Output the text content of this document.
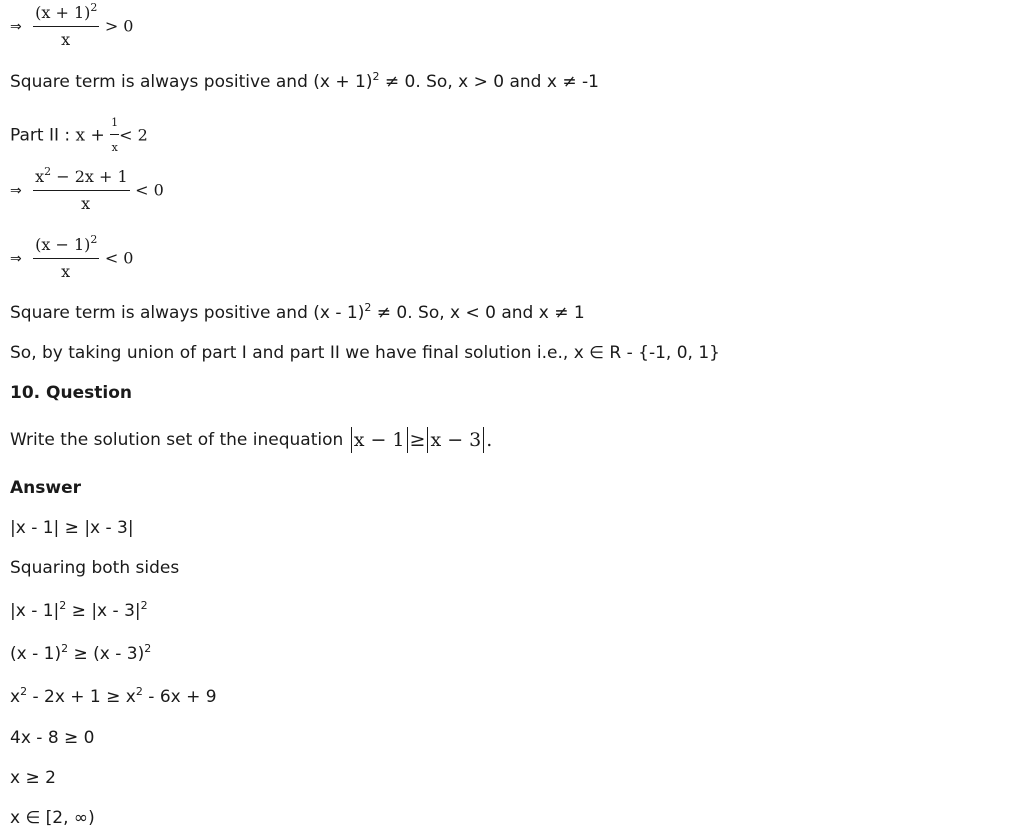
⇒ $\frac{(x + 1)^2}{x} > 0$
Square term is always positive and $(x + 1)^2 \ne 0$. So, x > 0 and x ≠ -1
Part II : $x + \frac{1}{x} < 2$
⇒ $\frac{x^2 - 2x + 1}{x} < 0$
⇒ $\frac{(x - 1)^2}{x} < 0$
Square term is always positive and (x - 1)$^2$ ≠ 0. So, x < 0 and x ≠ 1
So, by taking union of part I and part II we have final solution i.e., x ∈ R - {-1, 0, 1}
10. Question
Write the solution set of the inequation x − 1 ≥ x − 3 .
Answer
|x - 1| ≥ |x - 3|
Squaring both sides
$|x - 1|^2 \ge |x - 3|^2$
(x - 1)$^2$ ≥ (x - 3)$^2$
$x^2 - 2x + 1 \ge x^2 - 6x + 9$
4x - 8 ≥ 0
x ≥ 2
x ∈ [2, ∞)
